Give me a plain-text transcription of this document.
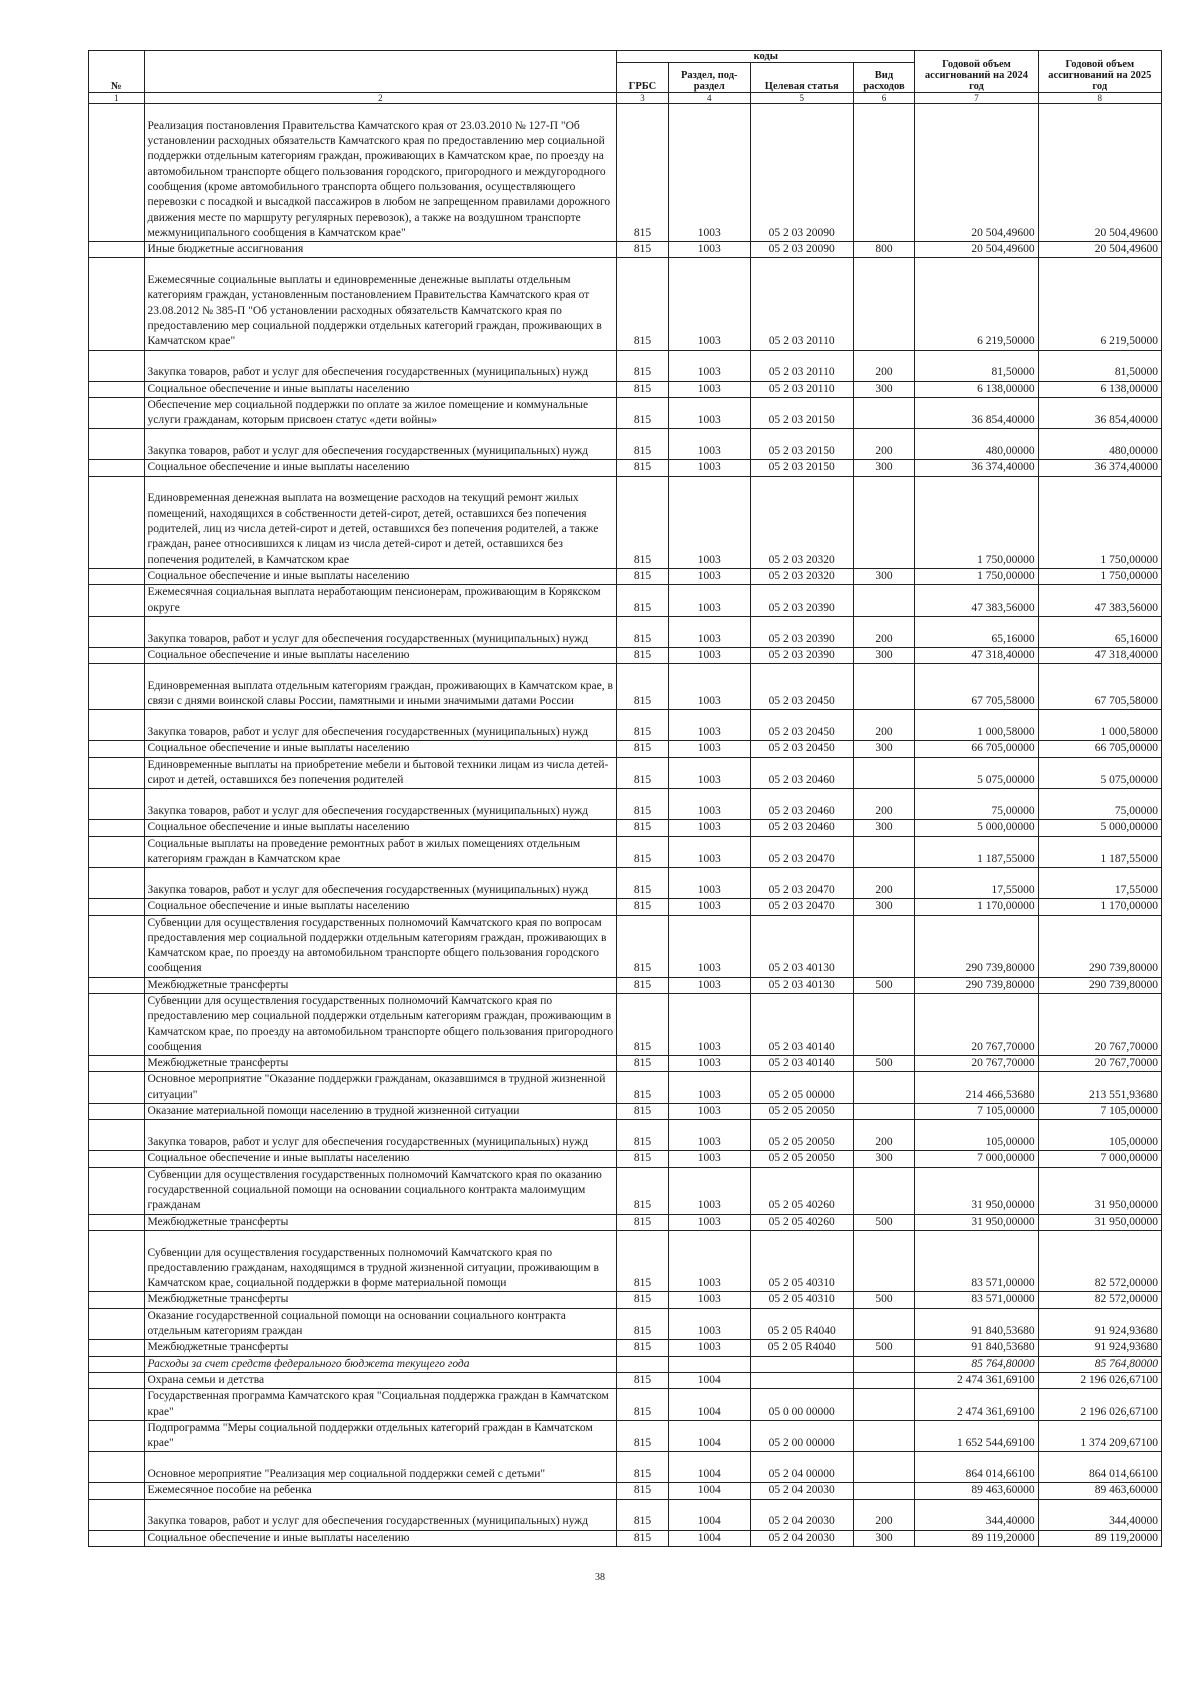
№		коды				Годовой объем ассигнований на 2024 год	Годовой объем ассигнований на 2025 год
		ГРБС	Раздел, под-раздел	Целевая статья	Вид расходов		
1	2	3	4	5	6	7	8
	Реализация постановления Правительства Камчатского края от 23.03.2010 № 127-П "Об установлении расходных обязательств Камчатского края по предоставлению мер социальной поддержки отдельным категориям граждан, проживающих в Камчатском крае, по проезду на автомобильном транспорте общего пользования городского, пригородного и междугородного сообщения (кроме автомобильного транспорта общего пользования, осуществляющего перевозки с посадкой и высадкой пассажиров в любом не запрещенном правилами дорожного движения месте по маршруту регулярных перевозок), а также на воздушном транспорте межмуниципального сообщения в Камчатском крае"	815	1003	05 2 03 20090		20 504,49600	20 504,49600
	Иные бюджетные ассигнования	815	1003	05 2 03 20090	800	20 504,49600	20 504,49600
	Ежемесячные социальные выплаты и единовременные денежные выплаты отдельным категориям граждан, установленным постановлением Правительства Камчатского края от 23.08.2012 № 385-П "Об установлении расходных обязательств Камчатского края по предоставлению мер социальной поддержки отдельных категорий граждан, проживающих в Камчатском крае"	815	1003	05 2 03 20110		6 219,50000	6 219,50000
	Закупка товаров, работ и услуг для обеспечения государственных (муниципальных) нужд	815	1003	05 2 03 20110	200	81,50000	81,50000
	Социальное обеспечение и иные выплаты населению	815	1003	05 2 03 20110	300	6 138,00000	6 138,00000
	Обеспечение мер социальной поддержки по оплате за жилое помещение и коммунальные услуги гражданам, которым присвоен статус «дети войны»	815	1003	05 2 03 20150		36 854,40000	36 854,40000
	Закупка товаров, работ и услуг для обеспечения государственных (муниципальных) нужд	815	1003	05 2 03 20150	200	480,00000	480,00000
	Социальное обеспечение и иные выплаты населению	815	1003	05 2 03 20150	300	36 374,40000	36 374,40000
	Единовременная денежная выплата на возмещение расходов на текущий ремонт жилых помещений, находящихся в собственности детей-сирот, детей, оставшихся без попечения родителей, лиц из числа детей-сирот и детей, оставшихся без попечения родителей, а также граждан, ранее относившихся к лицам из числа детей-сирот и детей, оставшихся без попечения родителей, в Камчатском крае	815	1003	05 2 03 20320		1 750,00000	1 750,00000
	Социальное обеспечение и иные выплаты населению	815	1003	05 2 03 20320	300	1 750,00000	1 750,00000
	Ежемесячная социальная выплата неработающим пенсионерам, проживающим в Корякском округе	815	1003	05 2 03 20390		47 383,56000	47 383,56000
	Закупка товаров, работ и услуг для обеспечения государственных (муниципальных) нужд	815	1003	05 2 03 20390	200	65,16000	65,16000
	Социальное обеспечение и иные выплаты населению	815	1003	05 2 03 20390	300	47 318,40000	47 318,40000
	Единовременная выплата отдельным категориям граждан, проживающих в Камчатском крае, в связи с днями воинской славы России, памятными и иными значимыми датами России	815	1003	05 2 03 20450		67 705,58000	67 705,58000
	Закупка товаров, работ и услуг для обеспечения государственных (муниципальных) нужд	815	1003	05 2 03 20450	200	1 000,58000	1 000,58000
	Социальное обеспечение и иные выплаты населению	815	1003	05 2 03 20450	300	66 705,00000	66 705,00000
	Единовременные выплаты на приобретение мебели и бытовой техники лицам из числа детей-сирот и детей, оставшихся без попечения родителей	815	1003	05 2 03 20460		5 075,00000	5 075,00000
	Закупка товаров, работ и услуг для обеспечения государственных (муниципальных) нужд	815	1003	05 2 03 20460	200	75,00000	75,00000
	Социальное обеспечение и иные выплаты населению	815	1003	05 2 03 20460	300	5 000,00000	5 000,00000
	Социальные выплаты на проведение ремонтных работ в жилых помещениях отдельным категориям граждан в Камчатском крае	815	1003	05 2 03 20470		1 187,55000	1 187,55000
	Закупка товаров, работ и услуг для обеспечения государственных (муниципальных) нужд	815	1003	05 2 03 20470	200	17,55000	17,55000
	Социальное обеспечение и иные выплаты населению	815	1003	05 2 03 20470	300	1 170,00000	1 170,00000
	Субвенции для осуществления государственных полномочий Камчатского края по вопросам предоставления мер социальной поддержки отдельным категориям граждан, проживающих в Камчатском крае, по проезду на автомобильном транспорте общего пользования городского сообщения	815	1003	05 2 03 40130		290 739,80000	290 739,80000
	Межбюджетные трансферты	815	1003	05 2 03 40130	500	290 739,80000	290 739,80000
	Субвенции для осуществления государственных полномочий Камчатского края по предоставлению мер социальной поддержки отдельным категориям граждан, проживающим в Камчатском крае, по проезду на автомобильном транспорте общего пользования пригородного сообщения	815	1003	05 2 03 40140		20 767,70000	20 767,70000
	Межбюджетные трансферты	815	1003	05 2 03 40140	500	20 767,70000	20 767,70000
	Основное мероприятие "Оказание поддержки гражданам, оказавшимся в трудной жизненной ситуации"	815	1003	05 2 05 00000		214 466,53680	213 551,93680
	Оказание материальной помощи населению в трудной жизненной ситуации	815	1003	05 2 05 20050		7 105,00000	7 105,00000
	Закупка товаров, работ и услуг для обеспечения государственных (муниципальных) нужд	815	1003	05 2 05 20050	200	105,00000	105,00000
	Социальное обеспечение и иные выплаты населению	815	1003	05 2 05 20050	300	7 000,00000	7 000,00000
	Субвенции для осуществления государственных полномочий Камчатского края по оказанию государственной социальной помощи на основании социального контракта малоимущим гражданам	815	1003	05 2 05 40260		31 950,00000	31 950,00000
	Межбюджетные трансферты	815	1003	05 2 05 40260	500	31 950,00000	31 950,00000
	Субвенции для осуществления государственных полномочий Камчатского края по предоставлению гражданам, находящимся в трудной жизненной ситуации, проживающим в Камчатском крае, социальной поддержки в форме материальной помощи	815	1003	05 2 05 40310		83 571,00000	82 572,00000
	Межбюджетные трансферты	815	1003	05 2 05 40310	500	83 571,00000	82 572,00000
	Оказание государственной социальной помощи на основании социального контракта отдельным категориям граждан	815	1003	05 2 05 R4040		91 840,53680	91 924,93680
	Межбюджетные трансферты	815	1003	05 2 05 R4040	500	91 840,53680	91 924,93680
	Расходы за счет средств федерального бюджета текущего года					85 764,80000	85 764,80000
	Охрана семьи и детства	815	1004			2 474 361,69100	2 196 026,67100
	Государственная программа Камчатского края "Социальная поддержка граждан в Камчатском крае"	815	1004	05 0 00 00000		2 474 361,69100	2 196 026,67100
	Подпрограмма "Меры социальной поддержки отдельных категорий граждан в Камчатском крае"	815	1004	05 2 00 00000		1 652 544,69100	1 374 209,67100
	Основное мероприятие "Реализация мер социальной поддержки семей с детьми"	815	1004	05 2 04 00000		864 014,66100	864 014,66100
	Ежемесячное пособие на ребенка	815	1004	05 2 04 20030		89 463,60000	89 463,60000
	Закупка товаров, работ и услуг для обеспечения государственных (муниципальных) нужд	815	1004	05 2 04 20030	200	344,40000	344,40000
	Социальное обеспечение и иные выплаты населению	815	1004	05 2 04 20030	300	89 119,20000	89 119,20000
38
